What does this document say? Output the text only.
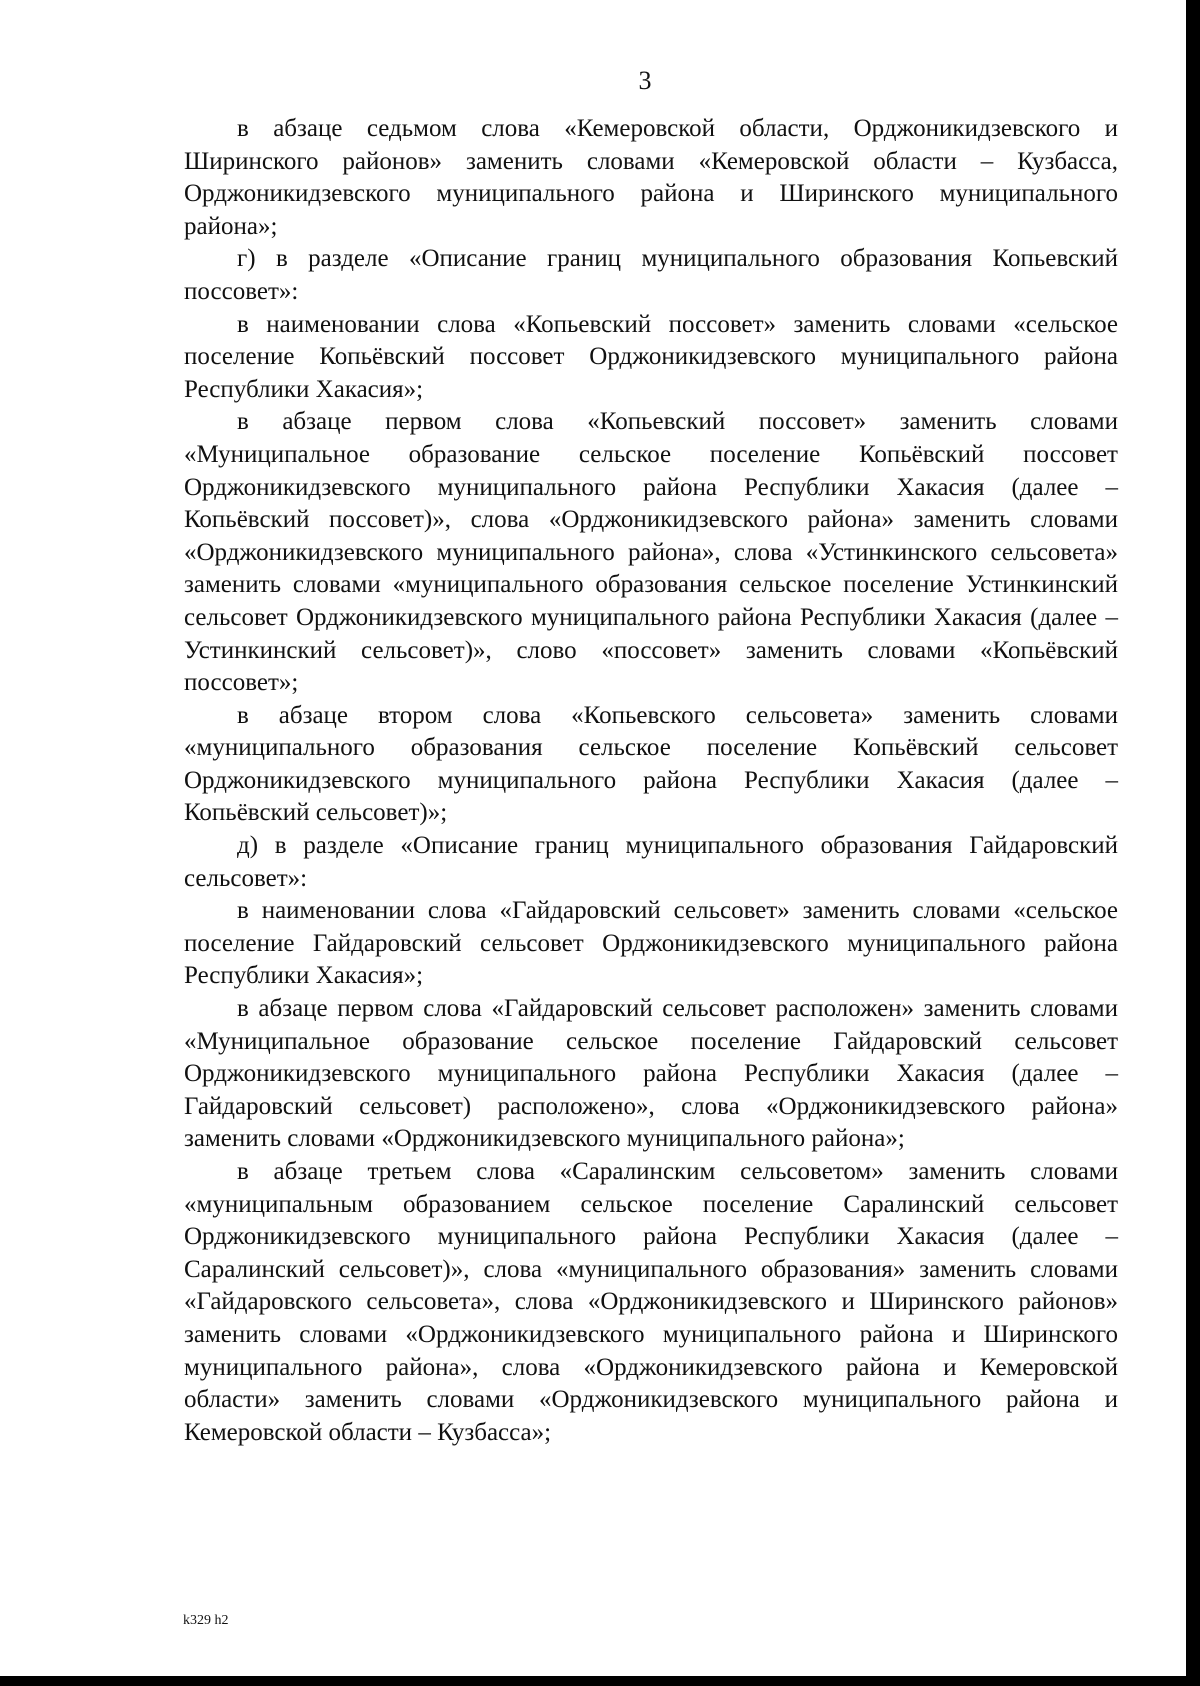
3

в абзаце седьмом слова «Кемеровской области, Орджоникидзевского и Ширинского районов» заменить словами «Кемеровской области – Кузбасса, Орджоникидзевского муниципального района и Ширинского муниципального района»;

г) в разделе «Описание границ муниципального образования Копьевский поссовет»:

в наименовании слова «Копьевский поссовет» заменить словами «сельское поселение Копьёвский поссовет Орджоникидзевского муниципального района Республики Хакасия»;

в абзаце первом слова «Копьевский поссовет» заменить словами «Муниципальное образование сельское поселение Копьёвский поссовет Орджоникидзевского муниципального района Республики Хакасия (далее – Копьёвский поссовет)», слова «Орджоникидзевского района» заменить словами «Орджоникидзевского муниципального района», слова «Устинкинского сельсовета» заменить словами «муниципального образования сельское поселение Устинкинский сельсовет Орджоникидзевского муниципального района Республики Хакасия (далее – Устинкинский сельсовет)», слово «поссовет» заменить словами «Копьёвский поссовет»;

в абзаце втором слова «Копьевского сельсовета» заменить словами «муниципального образования сельское поселение Копьёвский сельсовет Орджоникидзевского муниципального района Республики Хакасия (далее – Копьёвский сельсовет)»;

д) в разделе «Описание границ муниципального образования Гайдаровский сельсовет»:

в наименовании слова «Гайдаровский сельсовет» заменить словами «сельское поселение Гайдаровский сельсовет Орджоникидзевского муниципального района Республики Хакасия»;

в абзаце первом слова «Гайдаровский сельсовет расположен» заменить словами «Муниципальное образование сельское поселение Гайдаровский сельсовет Орджоникидзевского муниципального района Республики Хакасия (далее – Гайдаровский сельсовет) расположено», слова «Орджоникидзевского района» заменить словами «Орджоникидзевского муниципального района»;

в абзаце третьем слова «Саралинским сельсоветом» заменить словами «муниципальным образованием сельское поселение Саралинский сельсовет Орджоникидзевского муниципального района Республики Хакасия (далее – Саралинский сельсовет)», слова «муниципального образования» заменить словами «Гайдаровского сельсовета», слова «Орджоникидзевского и Ширинского районов» заменить словами «Орджоникидзевского муниципального района и Ширинского муниципального района», слова «Орджоникидзевского района и Кемеровской области» заменить словами «Орджоникидзевского муниципального района и Кемеровской области – Кузбасса»;

k329 h2
